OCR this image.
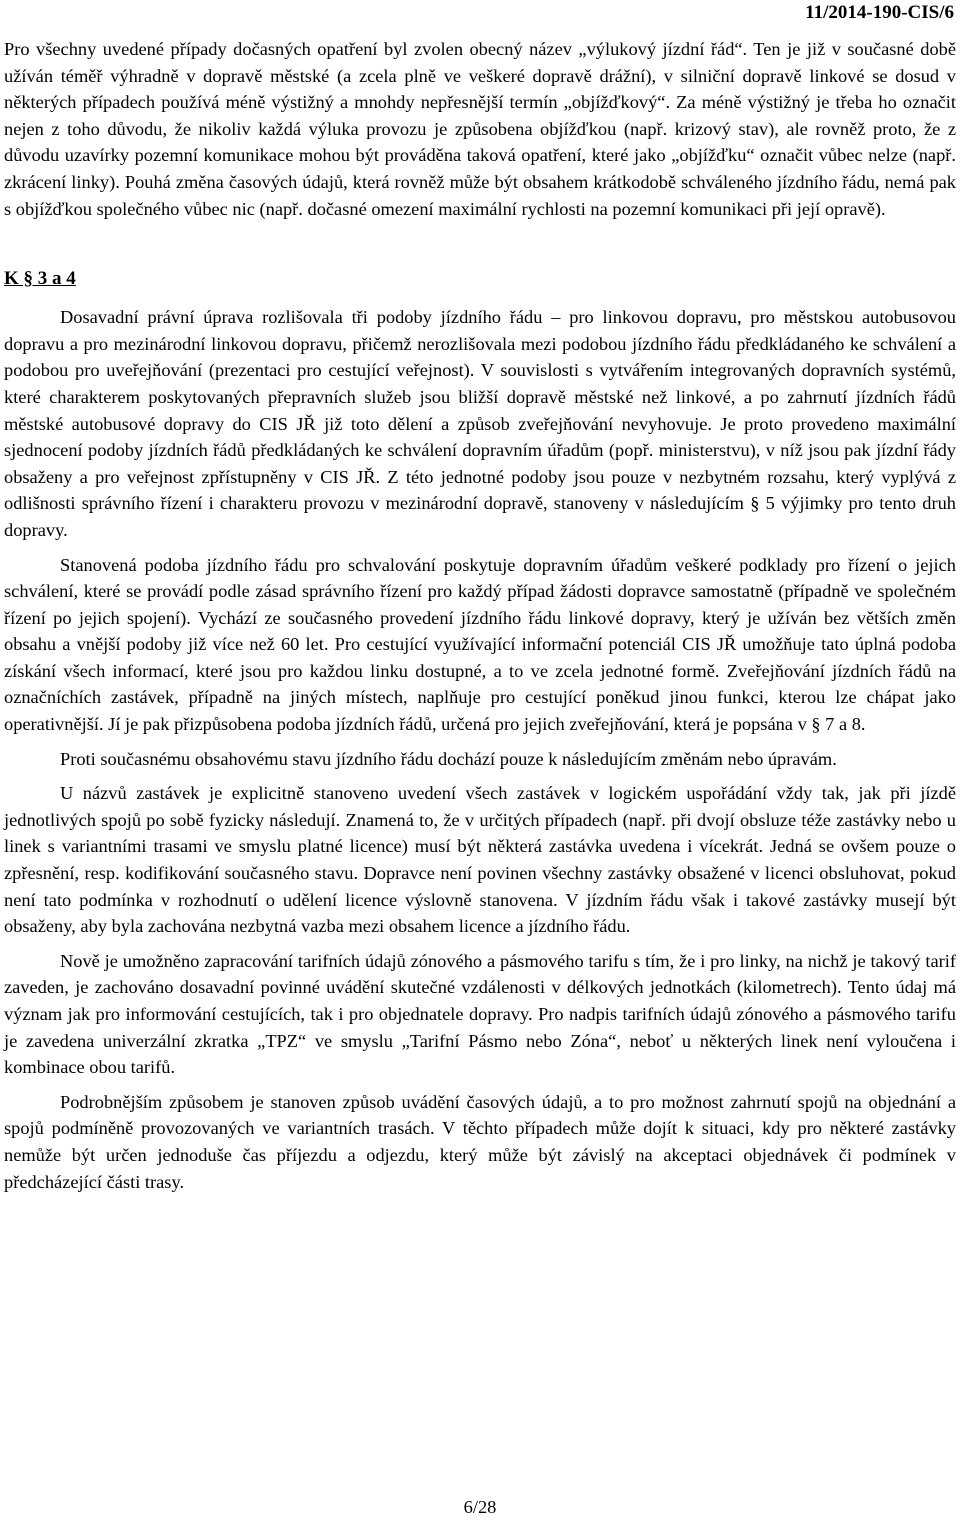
11/2014-190-CIS/6

Pro všechny uvedené případy dočasných opatření byl zvolen obecný název „výlukový jízdní řád“. Ten je již v současné době užíván téměř výhradně v dopravě městské (a zcela plně ve veškeré dopravě drážní), v silniční dopravě linkové se dosud v některých případech používá méně výstižný a mnohdy nepřesnější termín „objížďkový“. Za méně výstižný je třeba ho označit nejen z toho důvodu, že nikoliv každá výluka provozu je způsobena objížďkou (např. krizový stav), ale rovněž proto, že z důvodu uzavírky pozemní komunikace mohou být prováděna taková opatření, které jako „objížďku“ označit vůbec nelze (např. zkrácení linky). Pouhá změna časových údajů, která rovněž může být obsahem krátkodobě schváleného jízdního řádu, nemá pak s objížďkou společného vůbec nic (např. dočasné omezení maximální rychlosti na pozemní komunikaci při její opravě).

K § 3 a 4

Dosavadní právní úprava rozlišovala tři podoby jízdního řádu – pro linkovou dopravu, pro městskou autobusovou dopravu a pro mezinárodní linkovou dopravu, přičemž nerozlišovala mezi podobou jízdního řádu předkládaného ke schválení a podobou pro uveřejňování (prezentaci pro cestující veřejnost). V souvislosti s vytvářením integrovaných dopravních systémů, které charakterem poskytovaných přepravních služeb jsou bližší dopravě městské než linkové, a po zahrnutí jízdních řádů městské autobusové dopravy do CIS JŘ již toto dělení a způsob zveřejňování nevyhovuje. Je proto provedeno maximální sjednocení podoby jízdních řádů předkládaných ke schválení dopravním úřadům (popř. ministerstvu), v níž jsou pak jízdní řády obsaženy a pro veřejnost zpřístupněny v CIS JŘ. Z této jednotné podoby jsou pouze v nezbytném rozsahu, který vyplývá z odlišnosti správního řízení i charakteru provozu v mezinárodní dopravě, stanoveny v následujícím § 5 výjimky pro tento druh dopravy.

Stanovená podoba jízdního řádu pro schvalování poskytuje dopravním úřadům veškeré podklady pro řízení o jejich schválení, které se provádí podle zásad správního řízení pro každý případ žádosti dopravce samostatně (případně ve společném řízení po jejich spojení). Vychází ze současného provedení jízdního řádu linkové dopravy, který je užíván bez větších změn obsahu a vnější podoby již více než 60 let. Pro cestující využívající informační potenciál CIS JŘ umožňuje tato úplná podoba získání všech informací, které jsou pro každou linku dostupné, a to ve zcela jednotné formě. Zveřejňování jízdních řádů na označníchích zastávek, případně na jiných místech, naplňuje pro cestující poněkud jinou funkci, kterou lze chápat jako operativnější. Jí je pak přizpůsobena podoba jízdních řádů, určená pro jejich zveřejňování, která je popsána v § 7 a 8.

Proti současnému obsahovému stavu jízdního řádu dochází pouze k následujícím změnám nebo úpravám.

U názvů zastávek je explicitně stanoveno uvedení všech zastávek v logickém uspořádání vždy tak, jak při jízdě jednotlivých spojů po sobě fyzicky následují. Znamená to, že v určitých případech (např. při dvojí obsluze téže zastávky nebo u linek s variantními trasami ve smyslu platné licence) musí být některá zastávka uvedena i vícekrát. Jedná se ovšem pouze o zpřesnění, resp. kodifikování současného stavu. Dopravce není povinen všechny zastávky obsažené v licenci obsluhovat, pokud není tato podmínka v rozhodnutí o udělení licence výslovně stanovena. V jízdním řádu však i takové zastávky musejí být obsaženy, aby byla zachována nezbytná vazba mezi obsahem licence a jízdního řádu.

Nově je umožněno zapracování tarifních údajů zónového a pásmového tarifu s tím, že i pro linky, na nichž je takový tarif zaveden, je zachováno dosavadní povinné uvádění skutečné vzdálenosti v délkových jednotkách (kilometrech). Tento údaj má význam jak pro informování cestujících, tak i pro objednatele dopravy. Pro nadpis tarifních údajů zónového a pásmového tarifu je zavedena univerzální zkratka „TPZ“ ve smyslu „Tarifní Pásmo nebo Zóna“, neboť u některých linek není vyloučena i kombinace obou tarifů.

Podrobnějším způsobem je stanoven způsob uvádění časových údajů, a to pro možnost zahrnutí spojů na objednání a spojů podmíněně provozovaných ve variantních trasách. V těchto případech může dojít k situaci, kdy pro některé zastávky nemůže být určen jednoduše čas příjezdu a odjezdu, který může být závislý na akceptaci objednávek či podmínek v předcházející části trasy.

6/28
